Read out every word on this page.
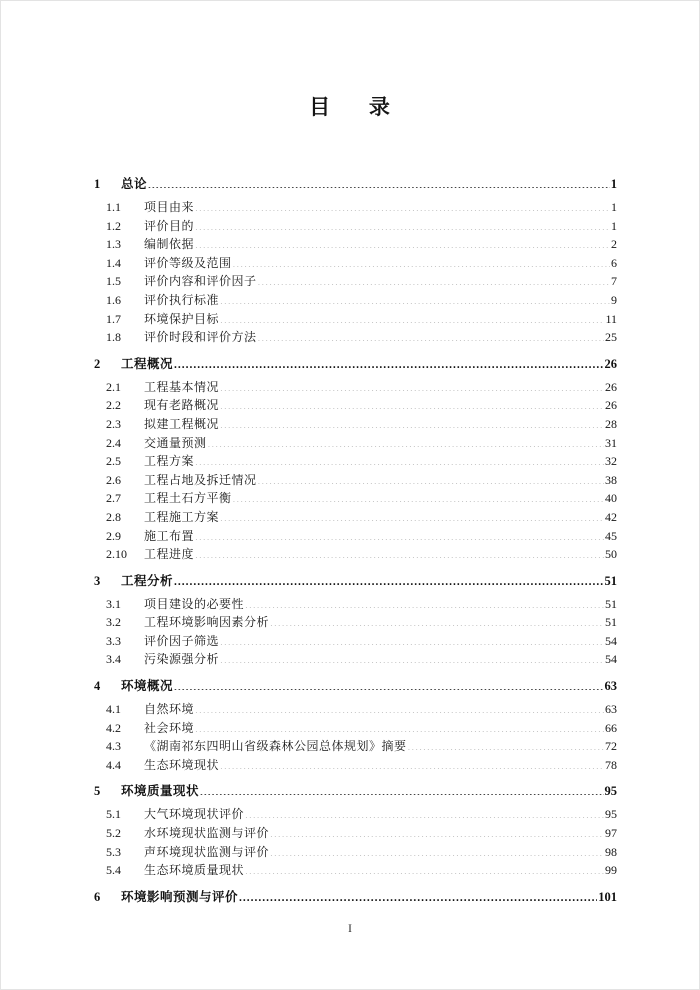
目 录
1	总论 .....	1
1.1	项目由来 .....	1
1.2	评价目的 .....	1
1.3	编制依据 .....	2
1.4	评价等级及范围 .....	6
1.5	评价内容和评价因子 .....	7
1.6	评价执行标准 .....	9
1.7	环境保护目标 .....	11
1.8	评价时段和评价方法 .....	25
2	工程概况 .....	26
2.1	工程基本情况 .....	26
2.2	现有老路概况 .....	26
2.3	拟建工程概况 .....	28
2.4	交通量预测 .....	31
2.5	工程方案 .....	32
2.6	工程占地及拆迁情况 .....	38
2.7	工程土石方平衡 .....	40
2.8	工程施工方案 .....	42
2.9	施工布置 .....	45
2.10	工程进度 .....	50
3	工程分析 .....	51
3.1	项目建设的必要性 .....	51
3.2	工程环境影响因素分析 .....	51
3.3	评价因子筛选 .....	54
3.4	污染源强分析 .....	54
4	环境概况 .....	63
4.1	自然环境 .....	63
4.2	社会环境 .....	66
4.3	《湖南祁东四明山省级森林公园总体规划》摘要 .....	72
4.4	生态环境现状 .....	78
5	环境质量现状 .....	95
5.1	大气环境现状评价 .....	95
5.2	水环境现状监测与评价 .....	97
5.3	声环境现状监测与评价 .....	98
5.4	生态环境质量现状 .....	99
6	环境影响预测与评价 .....	101
I
